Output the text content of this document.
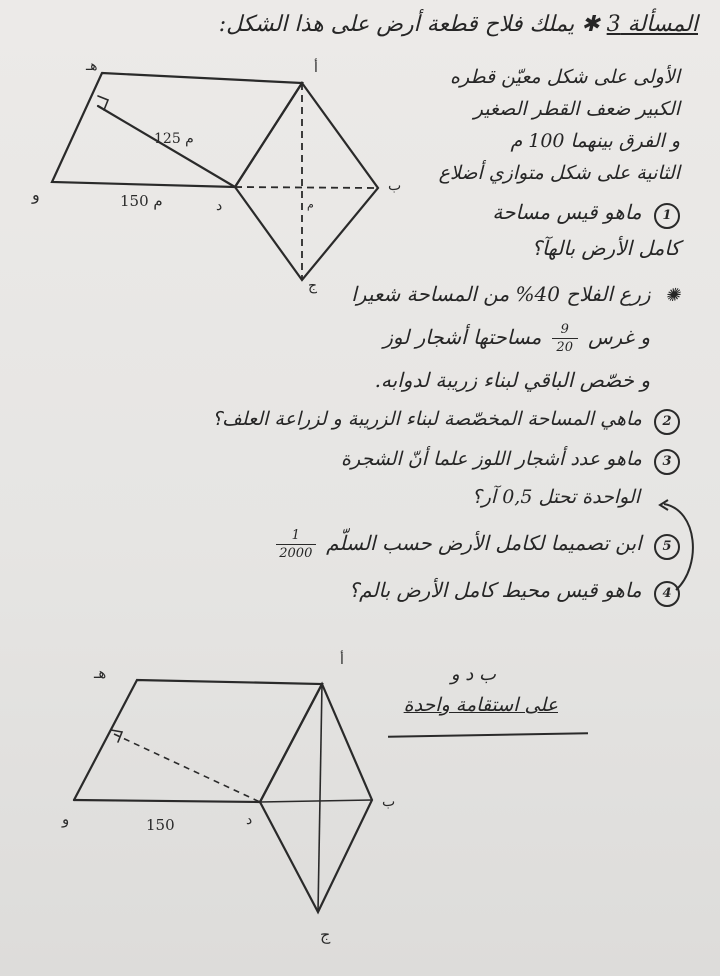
هـ	أ
و
د
ب
ج
م
125 م
150 م
المسألة 3 ✱ يملك فلاح قطعة أرض على هذا الشكل:
الأولى على شكل معيّن قطره
الكبير ضعف القطر الصغير
و الفرق بينهما 100 م
الثانية على شكل متوازي أضلاع
1 ماهو قيس مساحة
كامل الأرض بالهآ؟
✺ زرع الفلاح 40% من المساحة شعيرا
و غرس
$\frac{9}{20}$
مساحتها أشجار لوز
و خصّص الباقي لبناء زريبة لدوابه.
2 ماهي المساحة المخصّصة لبناء الزريبة و لزراعة العلف؟
3 ماهو عدد أشجار اللوز علما أنّ الشجرة
الواحدة تحتل 0,5 آر؟
5 ابن تصميما لكامل الأرض حسب السلّم
$\frac{1}{2000}$
4 ماهو قيس محيط كامل الأرض بالم؟
هـ
أ
و	د
ب
ج
150
ب د و
على استقامة واحدة
